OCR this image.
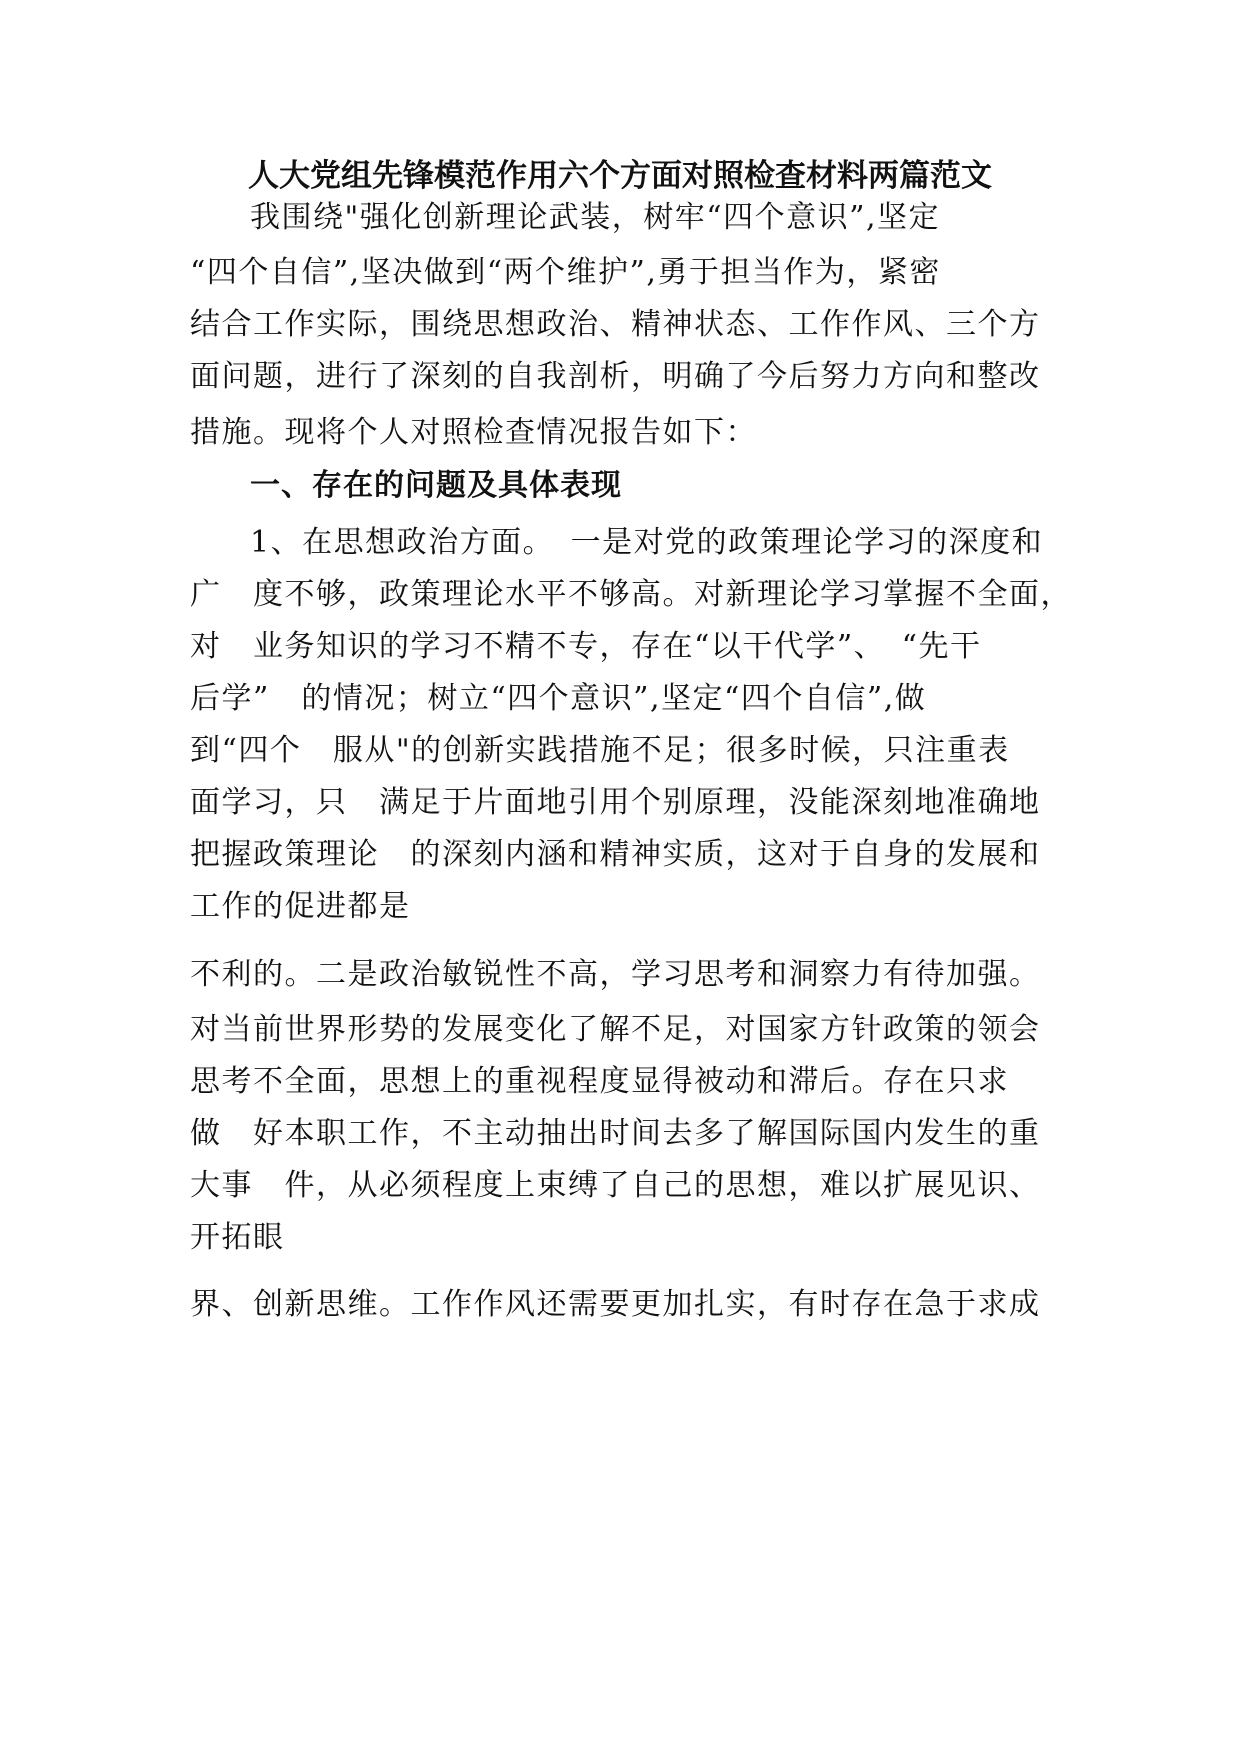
人大党组先锋模范作用六个方面对照检查材料两篇范文
我围绕"强化创新理论武装，树牢“四个意识”,坚定
“四个自信”,坚决做到“两个维护”,勇于担当作为，紧密
结合工作实际，围绕思想政治、精神状态、工作作风、三个方
面问题，进行了深刻的自我剖析，明确了今后努力方向和整改
措施。现将个人对照检查情况报告如下：
一、存在的问题及具体表现
1、在思想政治方面。　一是对党的政策理论学习的深度和
广　度不够，政策理论水平不够高。对新理论学习掌握不全面，
对　业务知识的学习不精不专，存在“以干代学”、　“先干
后学”　的情况；树立“四个意识”,坚定“四个自信”,做
到“四个　服从"的创新实践措施不足；很多时候，只注重表
面学习，只　满足于片面地引用个别原理，没能深刻地准确地
把握政策理论　的深刻内涵和精神实质，这对于自身的发展和
工作的促进都是
不利的。二是政治敏锐性不高，学习思考和洞察力有待加强。
对当前世界形势的发展变化了解不足，对国家方针政策的领会
思考不全面，思想上的重视程度显得被动和滞后。存在只求
做　好本职工作，不主动抽出时间去多了解国际国内发生的重
大事　件，从必须程度上束缚了自己的思想，难以扩展见识、
开拓眼
界、创新思维。工作作风还需要更加扎实，有时存在急于求成
